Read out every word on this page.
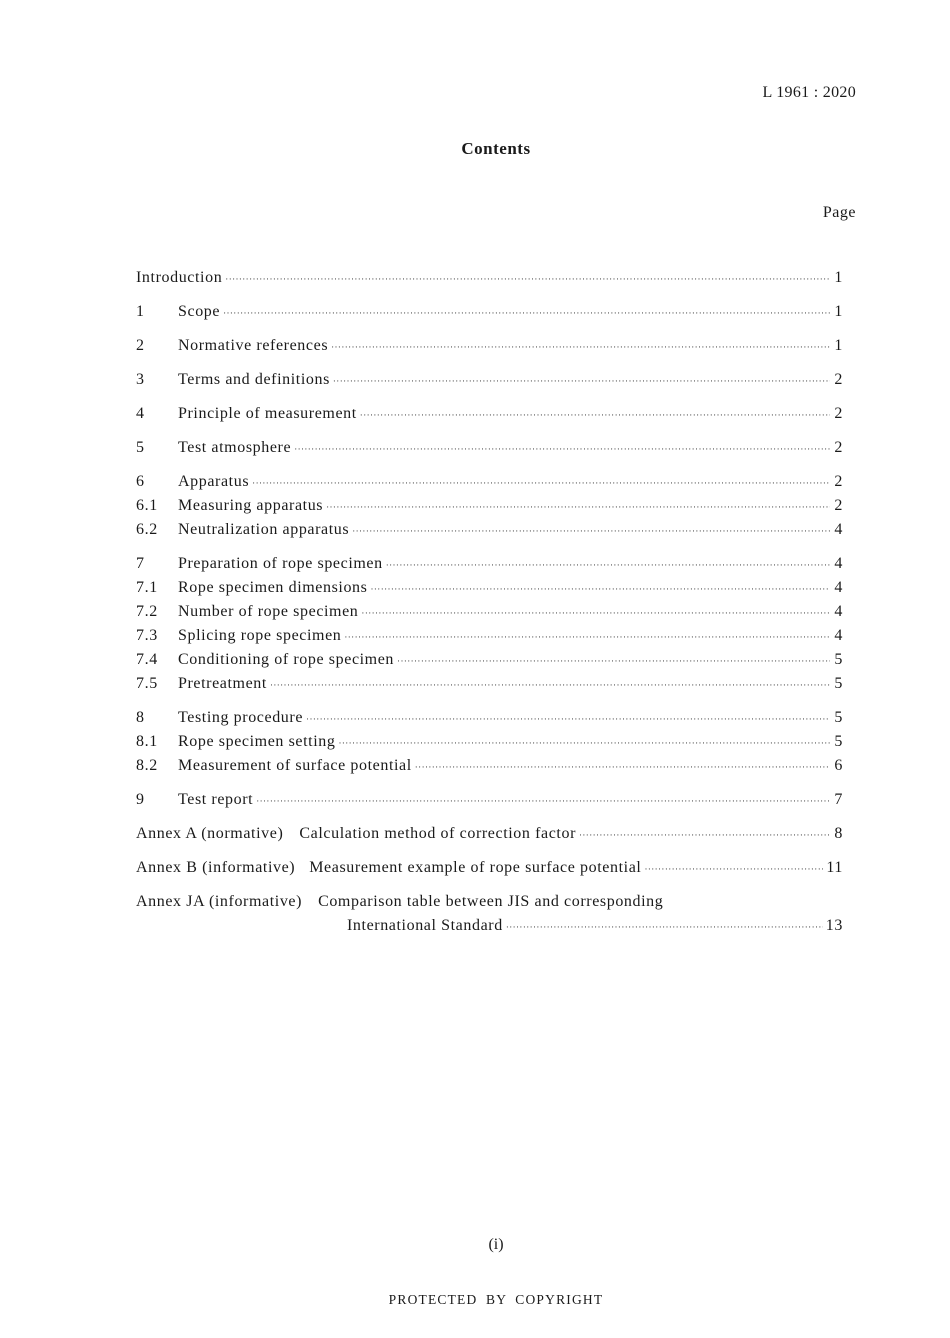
L 1961 : 2020
Contents
Page
Introduction ·····	1
1	Scope ·····	1
2	Normative references ·····	1
3	Terms and definitions ·····	2
4	Principle of measurement ·····	2
5	Test atmosphere ·····	2
6	Apparatus ·····	2
6.1	Measuring apparatus ·····	2
6.2	Neutralization apparatus ·····	4
7	Preparation of rope specimen ·····	4
7.1	Rope specimen dimensions ·····	4
7.2	Number of rope specimen ·····	4
7.3	Splicing rope specimen ·····	4
7.4	Conditioning of rope specimen ·····	5
7.5	Pretreatment ·····	5
8	Testing procedure ·····	5
8.1	Rope specimen setting ·····	5
8.2	Measurement of surface potential ·····	6
9	Test report ·····	7
Annex A (normative) Calculation method of correction factor ·····	8
Annex B (informative) Measurement example of rope surface potential ·····	11
Annex JA (informative) Comparison table between JIS and corresponding
International Standard ·····	13
(i)
PROTECTED BY COPYRIGHT
